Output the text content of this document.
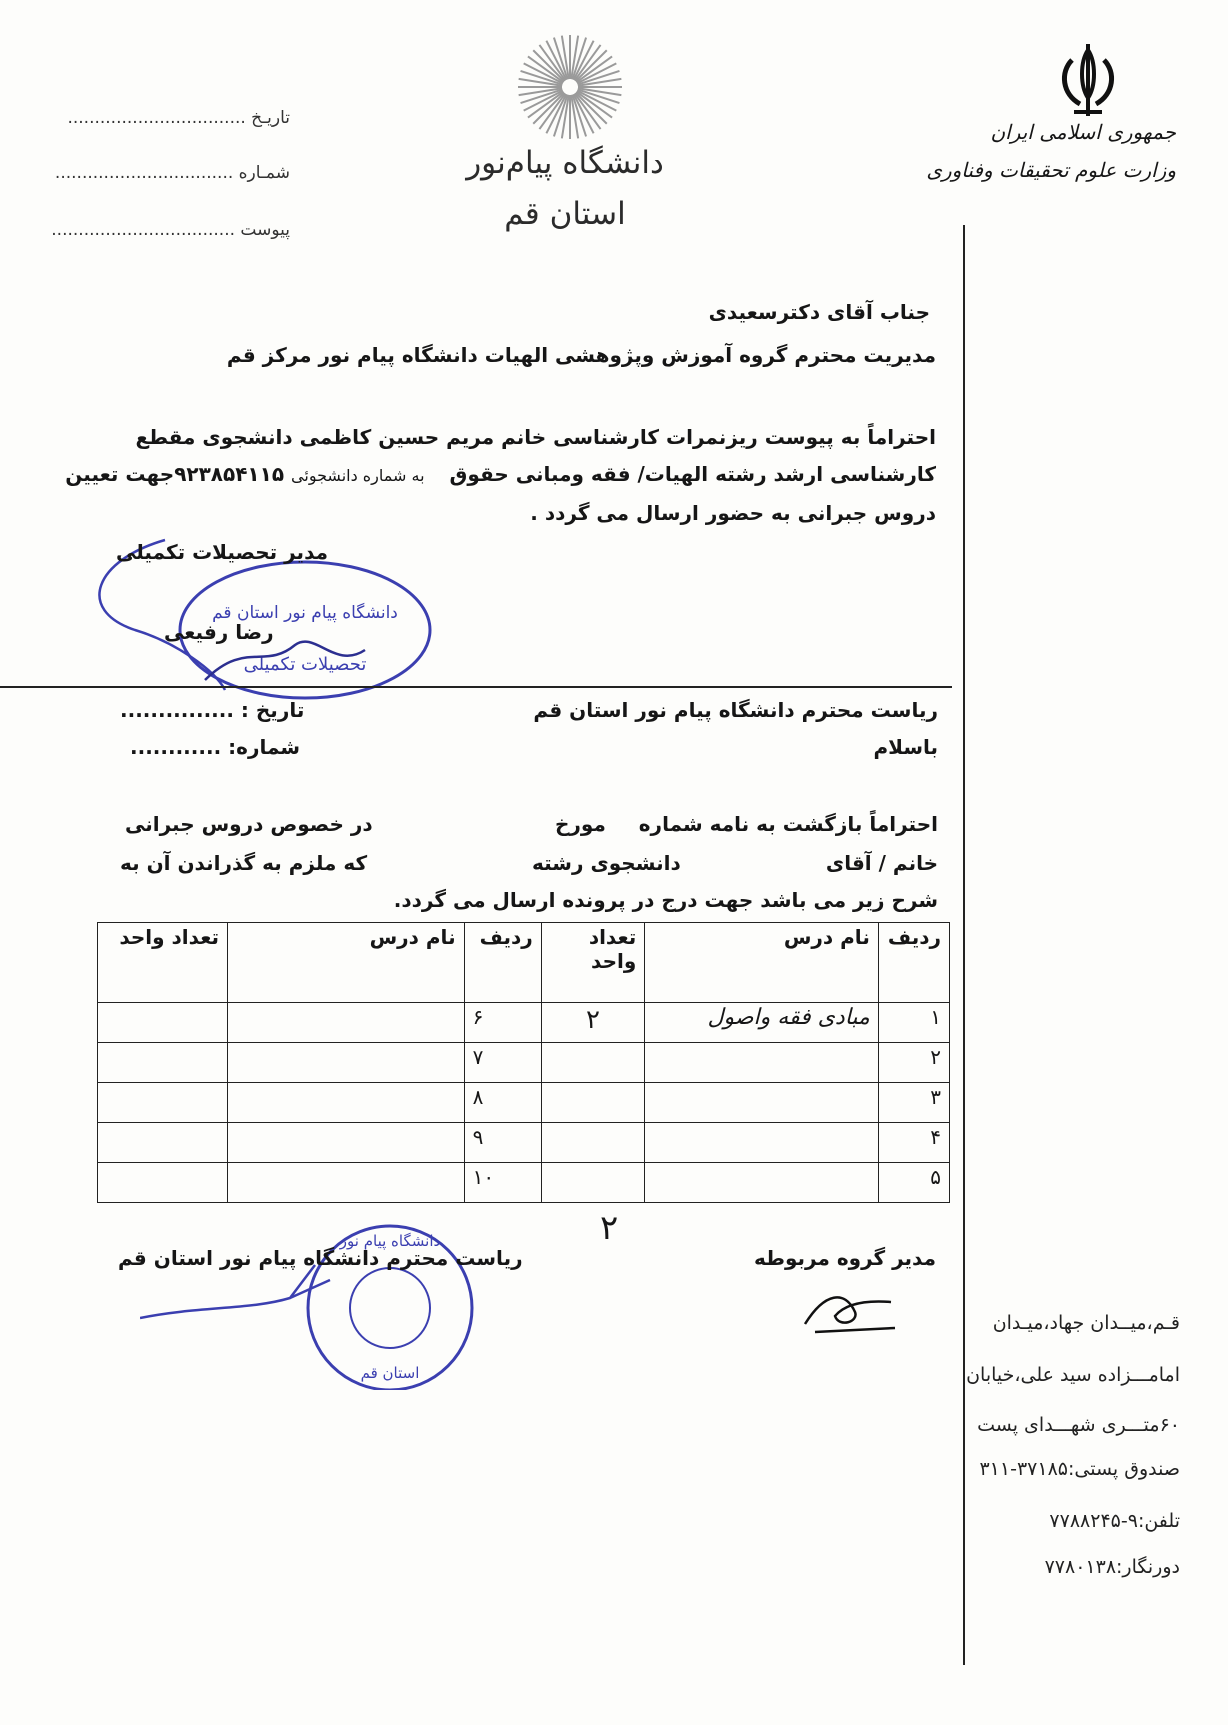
جمهوری اسلامی ایران
وزارت علوم تحقیقات وفناوری
دانشگاه پیام‌نور
استان قم
تاریـخ .................................
شمـاره .................................
پیوست ..................................
جناب آقای دکترسعیدی
مدیریت محترم گروه آموزش وپژوهشی الهیات دانشگاه پیام نور مرکز قم
احتراماً به پیوست ریزنمرات کارشناسی خانم مریم حسین کاظمی دانشجوی مقطع
کارشناسی ارشد رشته الهیات/ فقه ومبانی حقوق به شماره دانشجوئی ۹۲۳۸۵۴۱۱۵جهت تعیین
دروس جبرانی به حضور ارسال می گردد .
دانشگاه پیام نور استان قم
تحصیلات تکمیلی
مدیر تحصیلات تکمیلی
رضا رفیعی
تاریخ : ...............
شماره: ............
ریاست محترم دانشگاه پیام نور استان قم
باسلام
احتراماً بازگشت به نامه شماره
مورخ
در خصوص دروس جبرانی
خانم / آقای
دانشجوی رشته
که ملزم به گذراندن آن به
شرح زیر می باشد جهت درج در پرونده ارسال می گردد.
ردیف	نام درس	تعداد واحد	ردیف	نام درس	تعداد واحد
۱	مبادی فقه واصول	۲	۶		
۲			۷		
۳			۸		
۴			۹		
۵			۱۰		
۲
مدیر گروه مربوطه
دانشگاه پیام نور
استان قم
ریاست محترم دانشگاه پیام نور استان قم
قـم،میــدان جهاد،میـدان
امامـــزاده سید علی،خیابان
۶۰متـــری شهـــدای پست
صندوق پستی:۳۷۱۸۵-۳۱۱
تلفن:۹-۷۷۸۸۲۴۵
دورنگار:۷۷۸۰۱۳۸
